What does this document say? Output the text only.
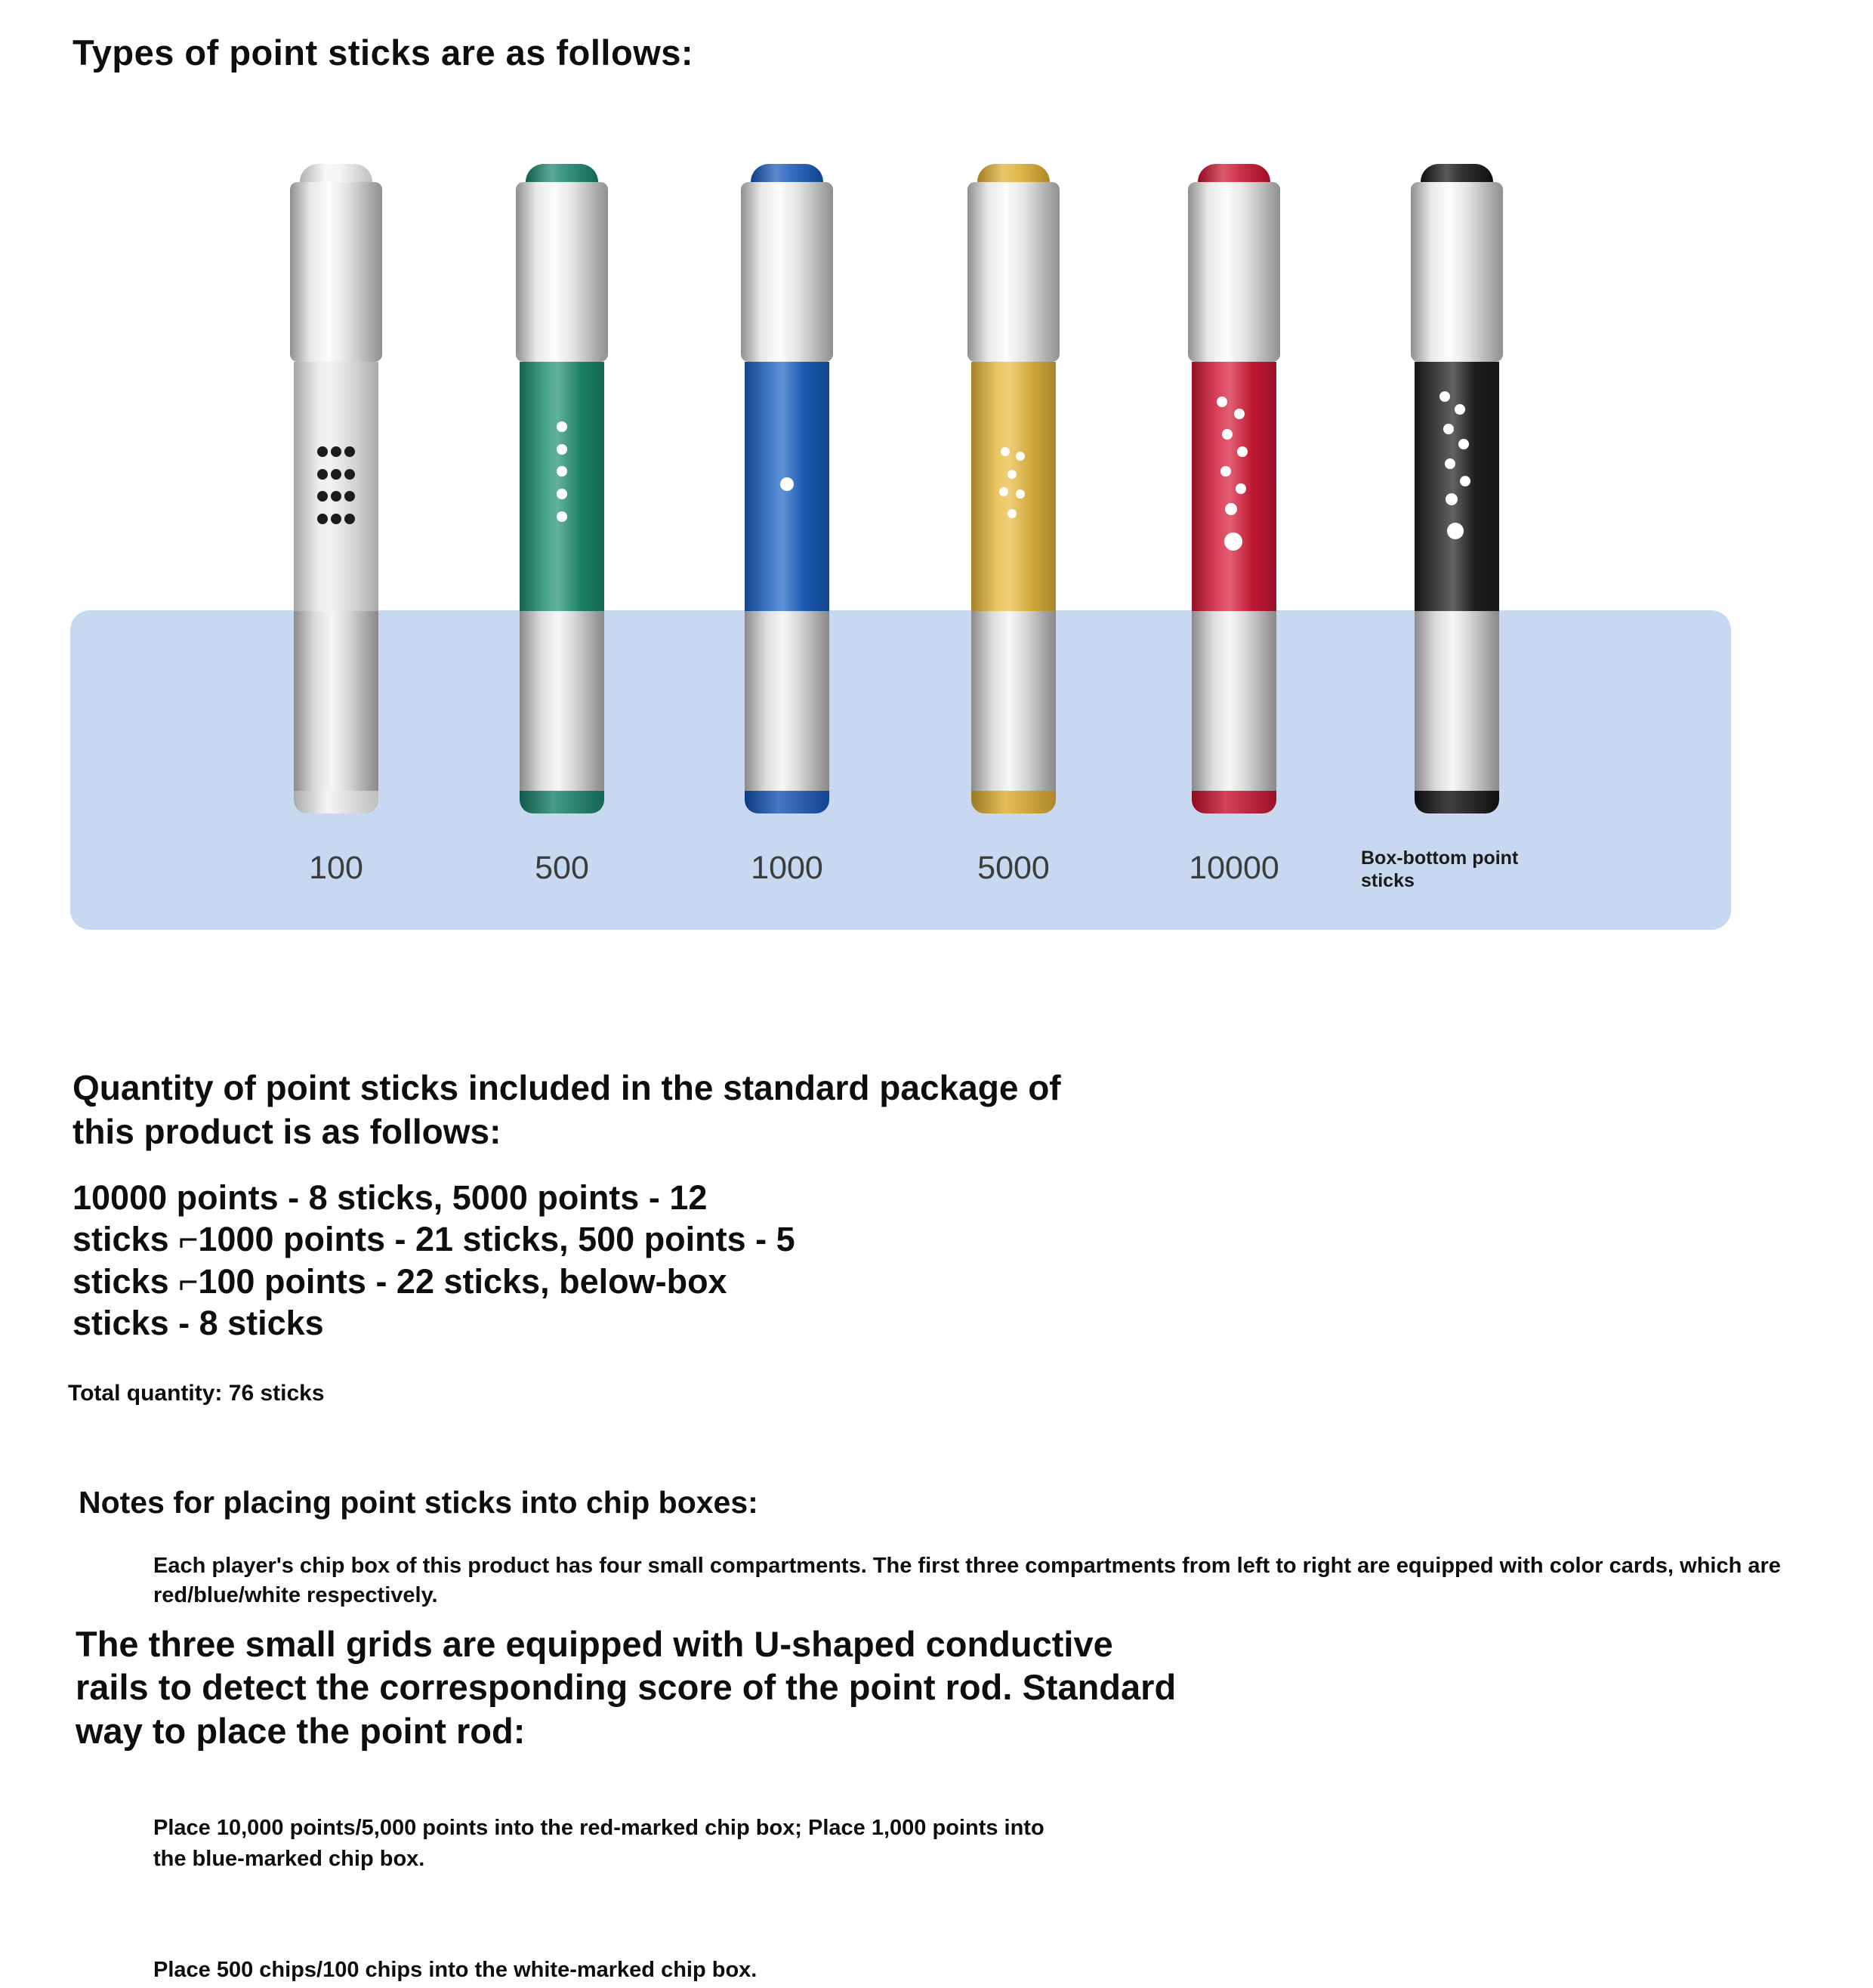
Types of point sticks are as follows:
100	500	1000	5000	10000	Box-bottom point sticks
Quantity of point sticks included in the standard package of this product is as follows:

10000 points - 8 sticks, 5000 points - 12 sticks ⌐1000 points - 21 sticks, 500 points - 5 sticks ⌐100 points - 22 sticks, below-box sticks - 8 sticks

Total quantity: 76 sticks

Notes for placing point sticks into chip boxes:

Each player's chip box of this product has four small compartments. The first three compartments from left to right are equipped with color cards, which are red/blue/white respectively.

The three small grids are equipped with U-shaped conductive rails to detect the corresponding score of the point rod. Standard way to place the point rod:

Place 10,000 points/5,000 points into the red-marked chip box; Place 1,000 points into the blue-marked chip box.

Place 500 chips/100 chips into the white-marked chip box.
